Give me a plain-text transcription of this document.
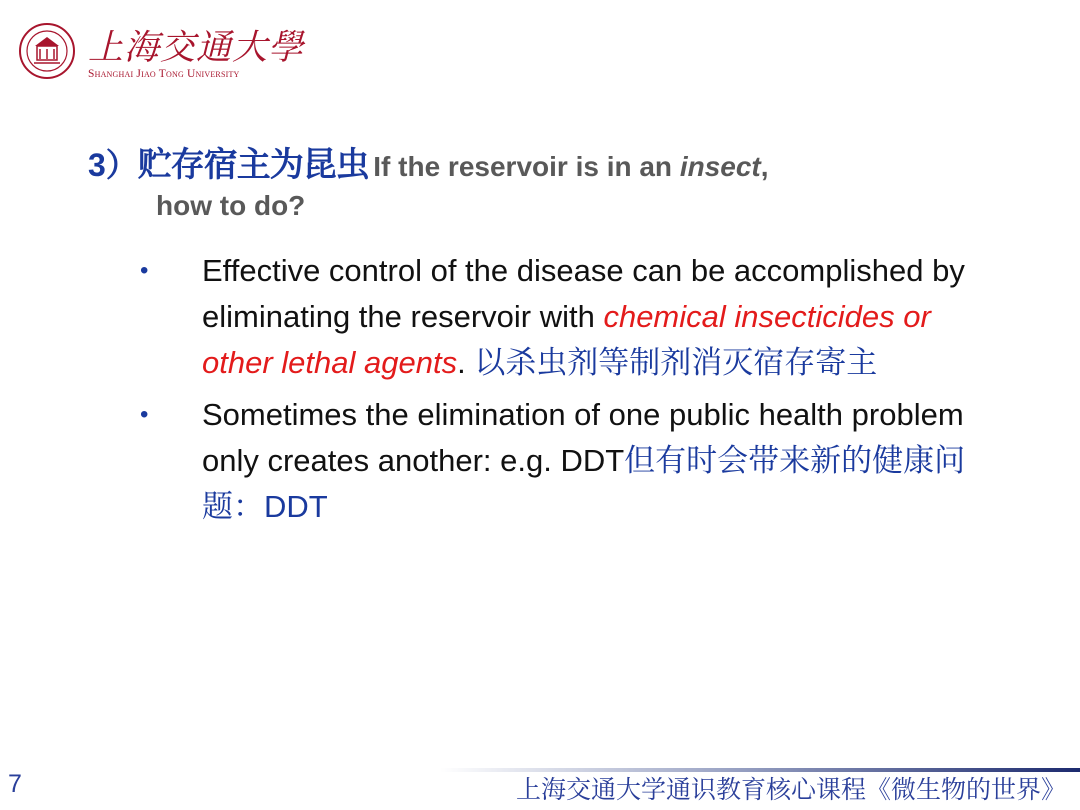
上海交通大學
Shanghai Jiao Tong University
3）贮存宿主为昆虫 If the reservoir is in an insect,
how to do?
• Effective control of the disease can be accomplished by eliminating the reservoir with chemical insecticides or other lethal agents. 以杀虫剂等制剂消灭宿存寄主
• Sometimes the elimination of one public health problem only creates another: e.g. DDT但有时会带来新的健康问题：DDT
7	上海交通大学通识教育核心课程《微生物的世界》
